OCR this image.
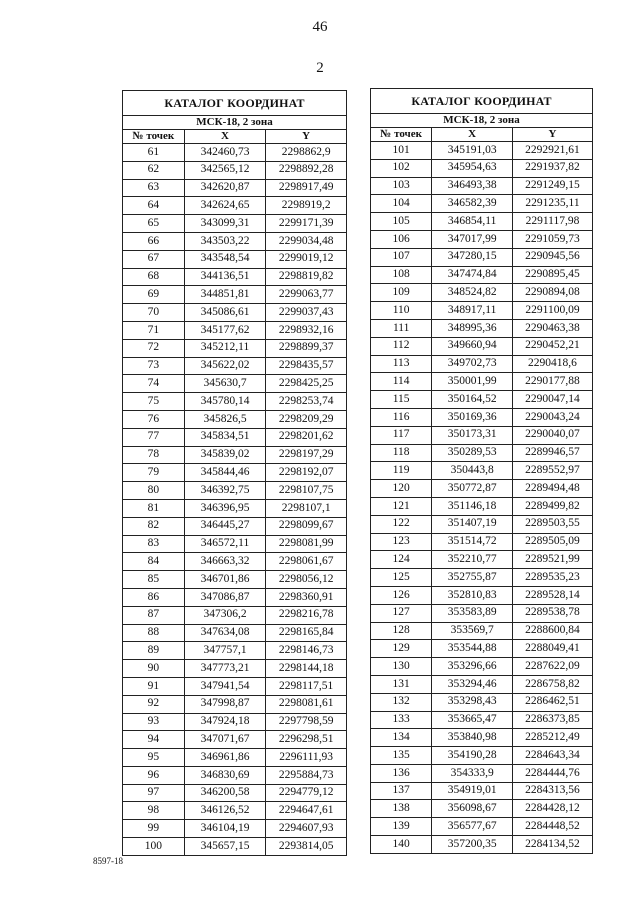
46
2
КАТАЛОГ КООРДИНАТ		
МСК-18, 2 зона		
№ точек	X	Y
61	342460,73	2298862,9
62	342565,12	2298892,28
63	342620,87	2298917,49
64	342624,65	2298919,2
65	343099,31	2299171,39
66	343503,22	2299034,48
67	343548,54	2299019,12
68	344136,51	2298819,82
69	344851,81	2299063,77
70	345086,61	2299037,43
71	345177,62	2298932,16
72	345212,11	2298899,37
73	345622,02	2298435,57
74	345630,7	2298425,25
75	345780,14	2298253,74
76	345826,5	2298209,29
77	345834,51	2298201,62
78	345839,02	2298197,29
79	345844,46	2298192,07
80	346392,75	2298107,75
81	346396,95	2298107,1
82	346445,27	2298099,67
83	346572,11	2298081,99
84	346663,32	2298061,67
85	346701,86	2298056,12
86	347086,87	2298360,91
87	347306,2	2298216,78
88	347634,08	2298165,84
89	347757,1	2298146,73
90	347773,21	2298144,18
91	347941,54	2298117,51
92	347998,87	2298081,61
93	347924,18	2297798,59
94	347071,67	2296298,51
95	346961,86	2296111,93
96	346830,69	2295884,73
97	346200,58	2294779,12
98	346126,52	2294647,61
99	346104,19	2294607,93
100	345657,15	2293814,05
КАТАЛОГ КООРДИНАТ		
МСК-18, 2 зона		
№ точек	X	Y
101	345191,03	2292921,61
102	345954,63	2291937,82
103	346493,38	2291249,15
104	346582,39	2291235,11
105	346854,11	2291117,98
106	347017,99	2291059,73
107	347280,15	2290945,56
108	347474,84	2290895,45
109	348524,82	2290894,08
110	348917,11	2291100,09
111	348995,36	2290463,38
112	349660,94	2290452,21
113	349702,73	2290418,6
114	350001,99	2290177,88
115	350164,52	2290047,14
116	350169,36	2290043,24
117	350173,31	2290040,07
118	350289,53	2289946,57
119	350443,8	2289552,97
120	350772,87	2289494,48
121	351146,18	2289499,82
122	351407,19	2289503,55
123	351514,72	2289505,09
124	352210,77	2289521,99
125	352755,87	2289535,23
126	352810,83	2289528,14
127	353583,89	2289538,78
128	353569,7	2288600,84
129	353544,88	2288049,41
130	353296,66	2287622,09
131	353294,46	2286758,82
132	353298,43	2286462,51
133	353665,47	2286373,85
134	353840,98	2285212,49
135	354190,28	2284643,34
136	354333,9	2284444,76
137	354919,01	2284313,56
138	356098,67	2284428,12
139	356577,67	2284448,52
140	357200,35	2284134,52
8597-18
